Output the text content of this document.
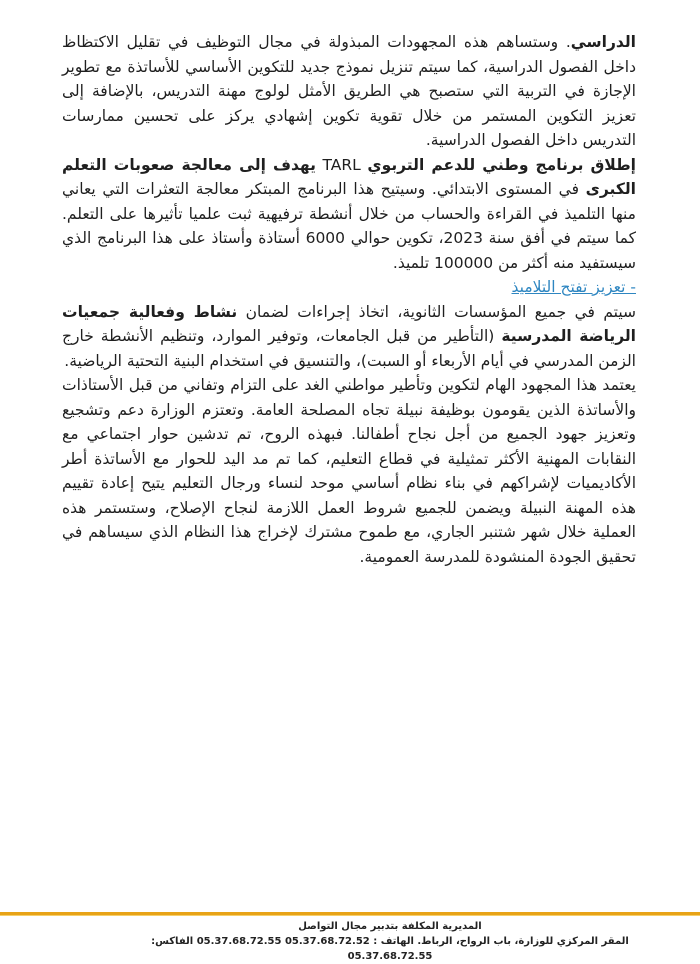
الدراسي. وستساهم هذه المجهودات المبذولة في مجال التوظيف في تقليل الاكتظاظ داخل الفصول الدراسية، كما سيتم تنزيل نموذج جديد للتكوين الأساسي للأساتذة مع تطوير الإجازة في التربية التي ستصبح هي الطريق الأمثل لولوج مهنة التدريس، بالإضافة إلى تعزيز التكوين المستمر من خلال تقوية تكوين إشهادي يركز على تحسين ممارسات التدريس داخل الفصول الدراسية.

إطلاق برنامج وطني للدعم التربوي TARL يهدف إلى معالجة صعوبات التعلم الكبرى في المستوى الابتدائي. وسيتيح هذا البرنامج المبتكر معالجة التعثرات التي يعاني منها التلميذ في القراءة والحساب من خلال أنشطة ترفيهية ثبت علميا تأثيرها على التعلم. كما سيتم في أفق سنة 2023، تكوين حوالي 6000 أستاذة وأستاذ على هذا البرنامج الذي سيستفيد منه أكثر من 100000 تلميذ.

- تعزيز تفتح التلاميذ

سيتم في جميع المؤسسات الثانوية، اتخاذ إجراءات لضمان نشاط وفعالية جمعيات الرياضة المدرسية (التأطير من قبل الجامعات، وتوفير الموارد، وتنظيم الأنشطة خارج الزمن المدرسي في أيام الأربعاء أو السبت)، والتنسيق في استخدام البنية التحتية الرياضية.

يعتمد هذا المجهود الهام لتكوين وتأطير مواطني الغد على التزام وتفاني من قبل الأستاذات والأساتذة الذين يقومون بوظيفة نبيلة تجاه المصلحة العامة. وتعتزم الوزارة دعم وتشجيع وتعزيز جهود الجميع من أجل نجاح أطفالنا. فبهذه الروح، تم تدشين حوار اجتماعي مع النقابات المهنية الأكثر تمثيلية في قطاع التعليم، كما تم مد اليد للحوار مع الأساتذة أطر الأكاديميات لإشراكهم في بناء نظام أساسي موحد لنساء ورجال التعليم يتيح إعادة تقييم هذه المهنة النبيلة ويضمن للجميع شروط العمل اللازمة لنجاح الإصلاح، وستستمر هذه العملية خلال شهر شتنبر الجاري، مع طموح مشترك لإخراج هذا النظام الذي سيساهم في تحقيق الجودة المنشودة للمدرسة العمومية.

المديرية المكلفة بتدبير مجال التواصل
المقر المركزي للوزارة، باب الرواح، الرباط. الهاتف : 05.37.68.72.52 05.37.68.72.55 الفاكس: 05.37.68.72.55
